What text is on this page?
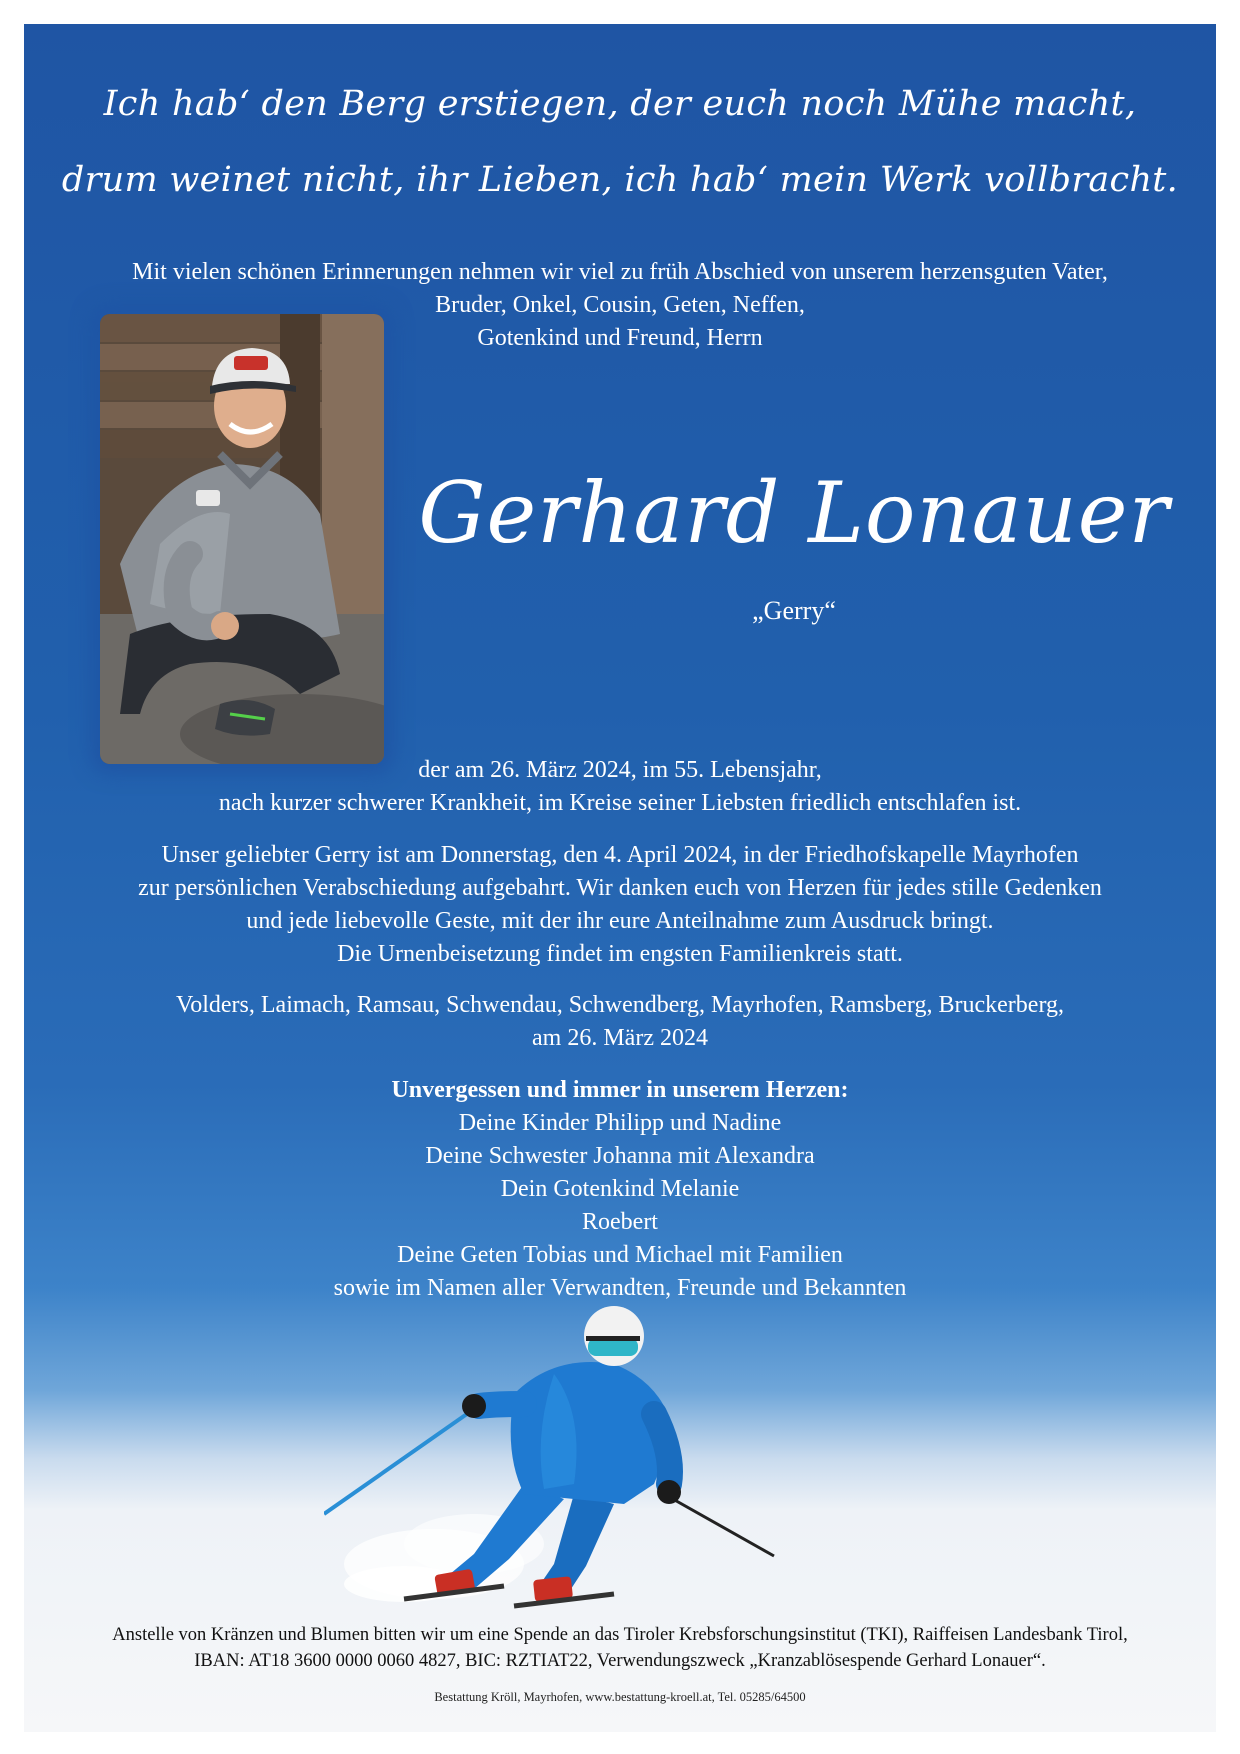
Ich hab‘ den Berg erstiegen, der euch noch Mühe macht,
drum weinet nicht, ihr Lieben, ich hab‘ mein Werk vollbracht.
Mit vielen schönen Erinnerungen nehmen wir viel zu früh Abschied von unserem herzensguten Vater,
Bruder, Onkel, Cousin, Geten, Neffen,
Gotenkind und Freund, Herrn
Gerhard Lonauer
„Gerry“
der am 26. März 2024, im 55. Lebensjahr,
nach kurzer schwerer Krankheit, im Kreise seiner Liebsten friedlich entschlafen ist.
Unser geliebter Gerry ist am Donnerstag, den 4. April 2024, in der Friedhofskapelle Mayrhofen
zur persönlichen Verabschiedung aufgebahrt. Wir danken euch von Herzen für jedes stille Gedenken
und jede liebevolle Geste, mit der ihr eure Anteilnahme zum Ausdruck bringt.
Die Urnenbeisetzung findet im engsten Familienkreis statt.
Volders, Laimach, Ramsau, Schwendau, Schwendberg, Mayrhofen, Ramsberg, Bruckerberg,
am 26. März 2024
Unvergessen und immer in unserem Herzen:
Deine Kinder Philipp und Nadine
Deine Schwester Johanna mit Alexandra
Dein Gotenkind Melanie
Roebert
Deine Geten Tobias und Michael mit Familien
sowie im Namen aller Verwandten, Freunde und Bekannten
Anstelle von Kränzen und Blumen bitten wir um eine Spende an das Tiroler Krebsforschungsinstitut (TKI), Raiffeisen Landesbank Tirol,
IBAN: AT18 3600 0000 0060 4827, BIC: RZTIAT22, Verwendungszweck „Kranzablösespende Gerhard Lonauer“.
Bestattung Kröll, Mayrhofen, www.bestattung-kroell.at, Tel. 05285/64500
